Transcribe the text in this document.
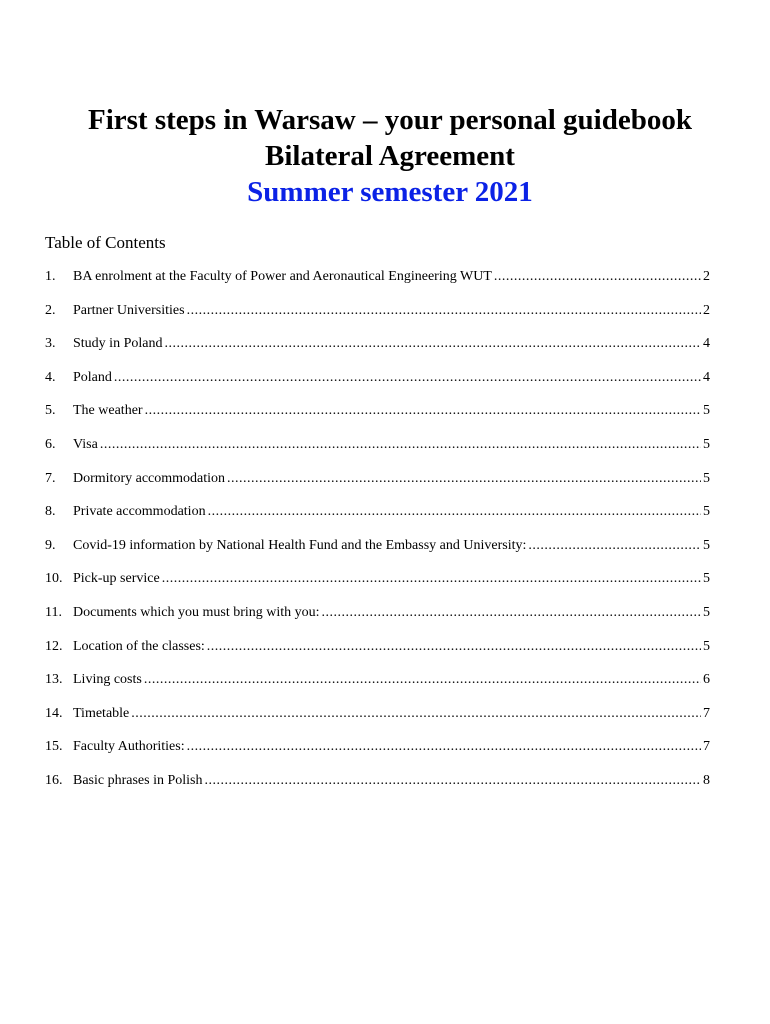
First steps in Warsaw – your personal guidebook

Bilateral Agreement

Summer semester 2021

Table of Contents
1.	BA enrolment at the Faculty of Power and Aeronautical Engineering WUT .....	2
2.	Partner Universities .....	2
3.	Study in Poland .....	4
4.	Poland .....	4
5.	The weather .....	5
6.	Visa .....	5
7.	Dormitory accommodation .....	5
8.	Private accommodation .....	5
9.	Covid-19 information by National Health Fund and the Embassy and University: .....	5
10. Pick-up service .....	5
11. Documents which you must bring with you: .....	5
12. Location of the classes: .....	5
13. Living costs .....	6
14. Timetable .....	7
15. Faculty Authorities: .....	7
16. Basic phrases in Polish .....	8
